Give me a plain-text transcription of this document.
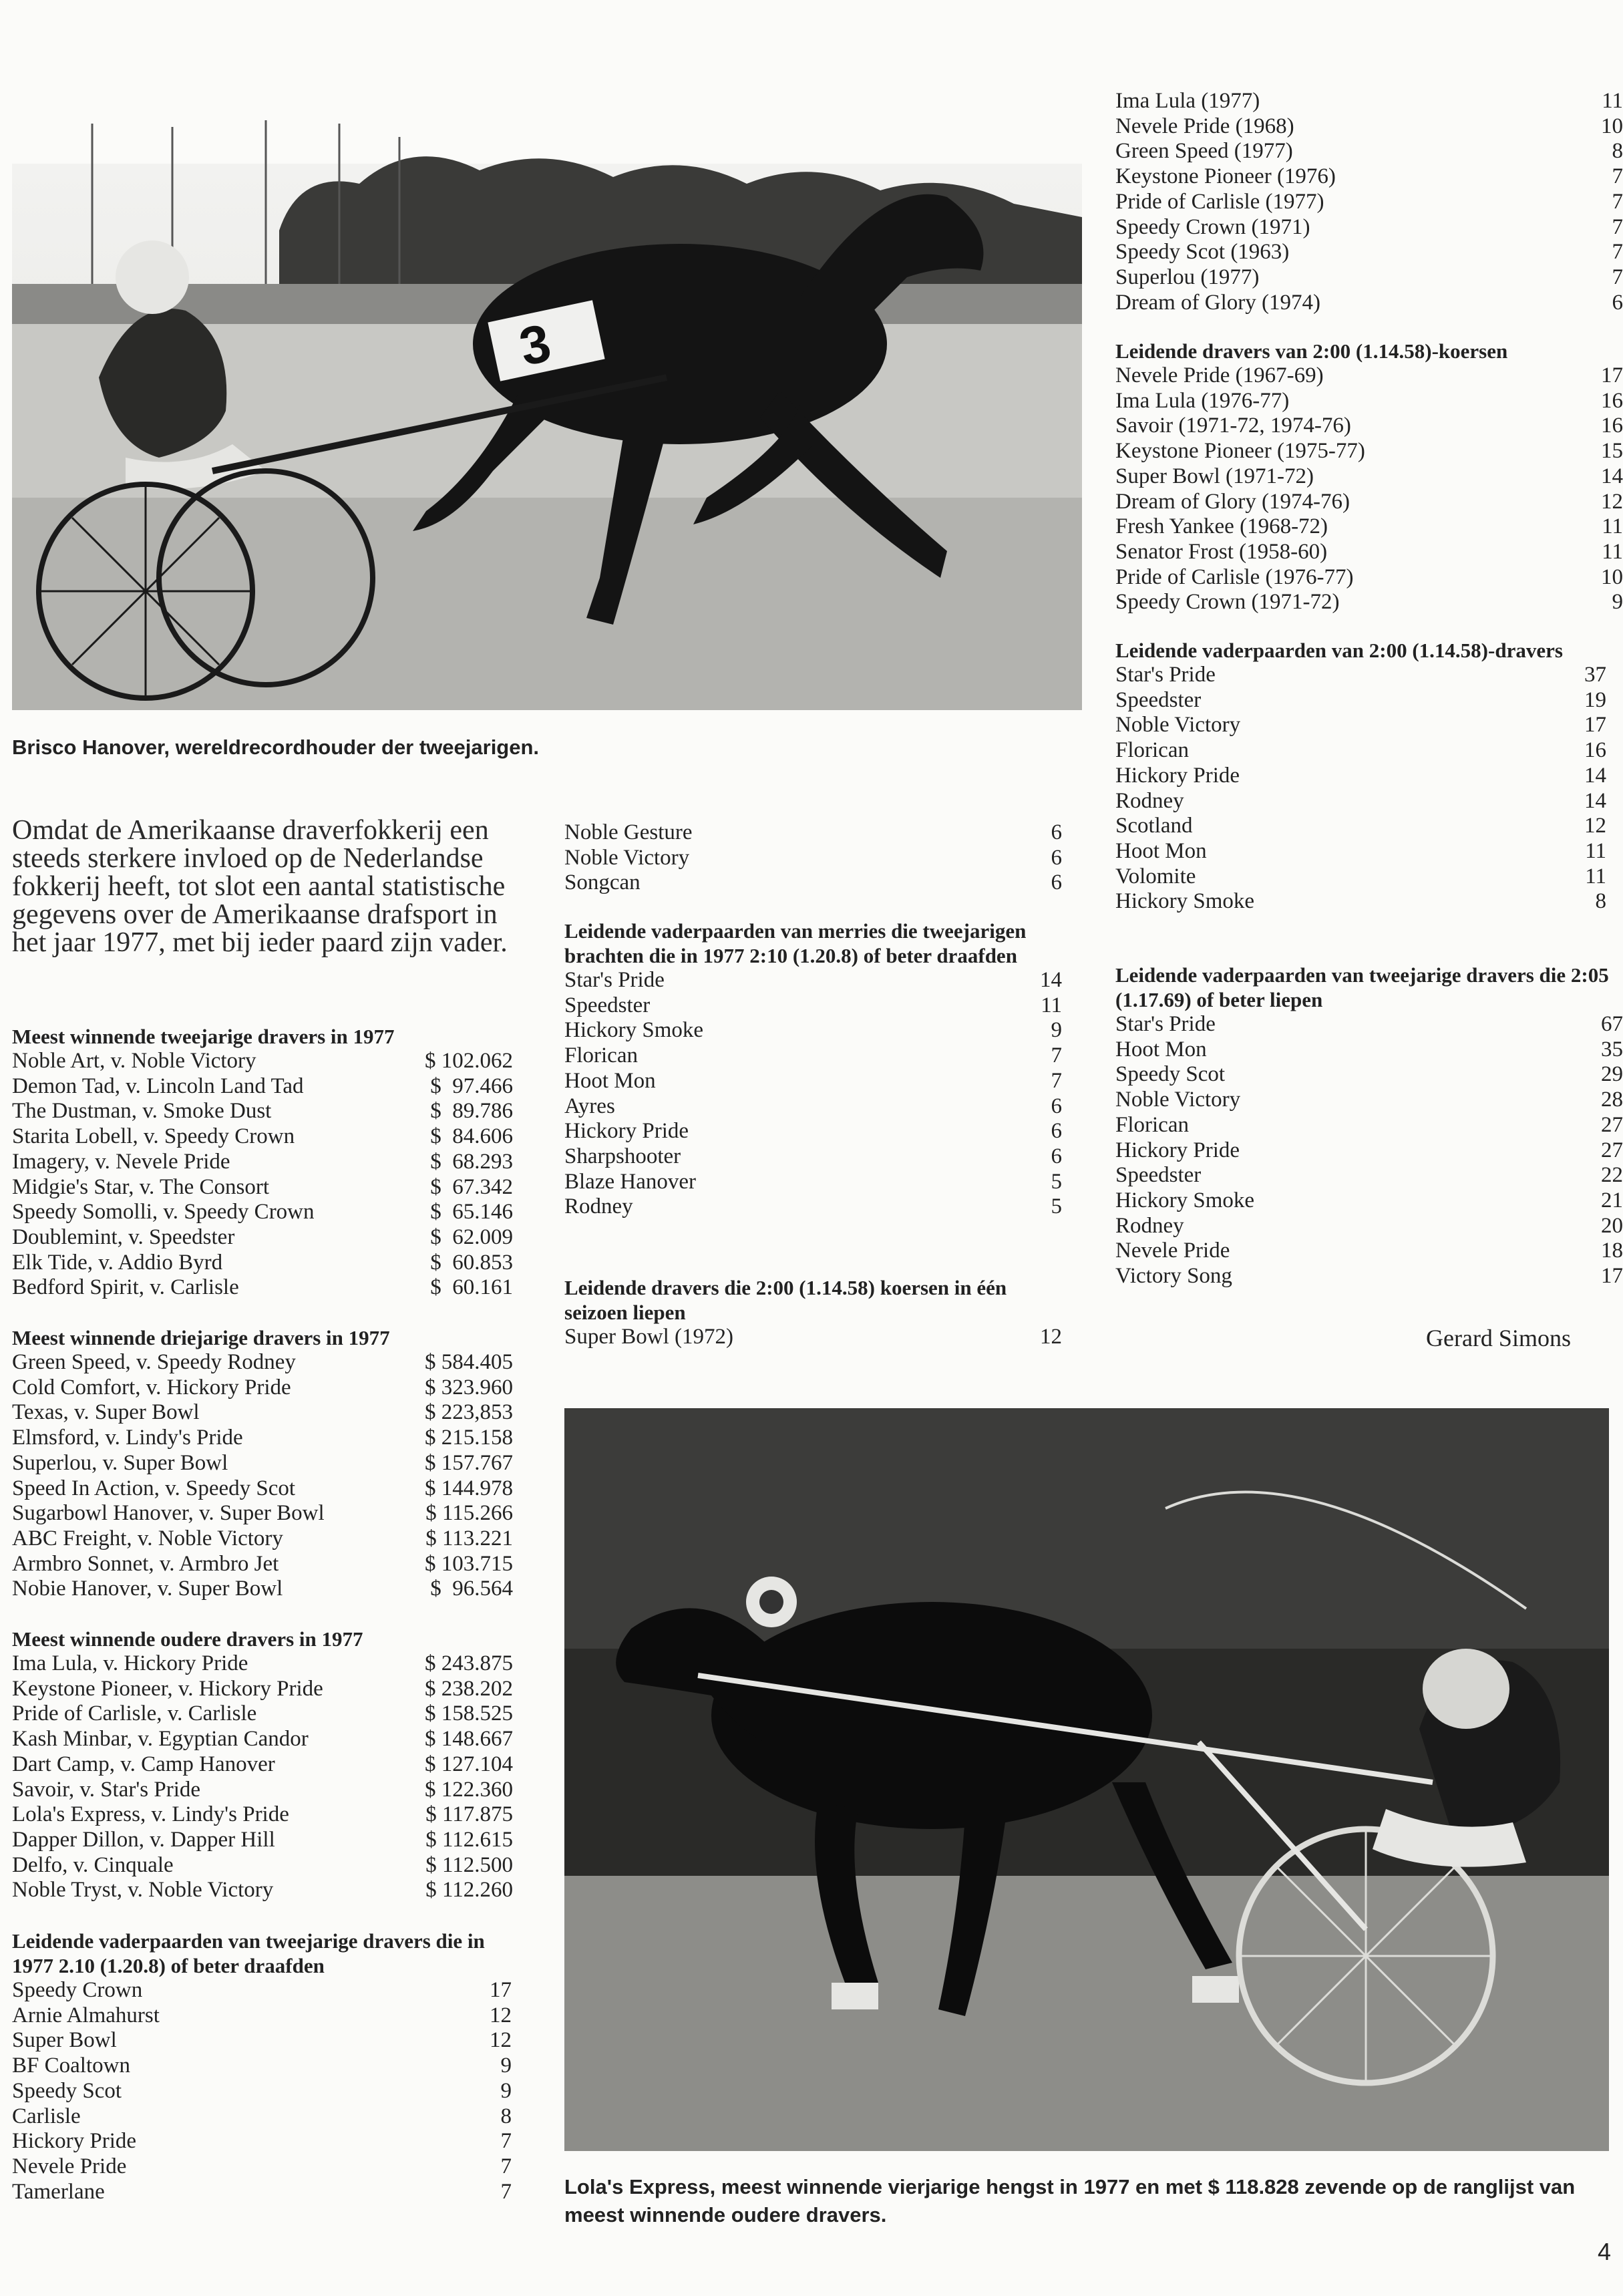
3
Brisco Hanover, wereldrecordhouder der tweejarigen.
Omdat de Amerikaanse draverfokkerij een steeds sterkere invloed op de Nederlandse fokkerij heeft, tot slot een aantal statistische gegevens over de Amerikaanse drafsport in het jaar 1977, met bij ieder paard zijn vader.
Meest winnende tweejarige dravers in 1977
Noble Art, v. Noble Victory	$ 102.062
Demon Tad, v. Lincoln Land Tad	$  97.466
The Dustman, v. Smoke Dust	$  89.786
Starita Lobell, v. Speedy Crown	$  84.606
Imagery, v. Nevele Pride	$  68.293
Midgie's Star, v. The Consort	$  67.342
Speedy Somolli, v. Speedy Crown	$  65.146
Doublemint, v. Speedster	$  62.009
Elk Tide, v. Addio Byrd	$  60.853
Bedford Spirit, v. Carlisle	$  60.161
Meest winnende driejarige dravers in 1977
Green Speed, v. Speedy Rodney	$ 584.405
Cold Comfort, v. Hickory Pride	$ 323.960
Texas, v. Super Bowl	$ 223,853
Elmsford, v. Lindy's Pride	$ 215.158
Superlou, v. Super Bowl	$ 157.767
Speed In Action, v. Speedy Scot	$ 144.978
Sugarbowl Hanover, v. Super Bowl	$ 115.266
ABC Freight, v. Noble Victory	$ 113.221
Armbro Sonnet, v. Armbro Jet	$ 103.715
Nobie Hanover, v. Super Bowl	$  96.564
Meest winnende oudere dravers in 1977
Ima Lula, v. Hickory Pride	$ 243.875
Keystone Pioneer, v. Hickory Pride	$ 238.202
Pride of Carlisle, v. Carlisle	$ 158.525
Kash Minbar, v. Egyptian Candor	$ 148.667
Dart Camp, v. Camp Hanover	$ 127.104
Savoir, v. Star's Pride	$ 122.360
Lola's Express, v. Lindy's Pride	$ 117.875
Dapper Dillon, v. Dapper Hill	$ 112.615
Delfo, v. Cinquale	$ 112.500
Noble Tryst, v. Noble Victory	$ 112.260
Leidende vaderpaarden van tweejarige dravers die in 1977 2.10 (1.20.8) of beter draafden
Speedy Crown	17
Arnie Almahurst	12
Super Bowl	12
BF Coaltown	9
Speedy Scot	9
Carlisle	8
Hickory Pride	7
Nevele Pride	7
Tamerlane	7
Noble Gesture	6
Noble Victory	6
Songcan	6
Leidende vaderpaarden van merries die tweejarigen brachten die in 1977 2:10 (1.20.8) of beter draafden
Star's Pride	14
Speedster	11
Hickory Smoke	9
Florican	7
Hoot Mon	7
Ayres	6
Hickory Pride	6
Sharpshooter	6
Blaze Hanover	5
Rodney	5
Leidende dravers die 2:00 (1.14.58) koersen in één seizoen liepen
Super Bowl (1972)	12
Ima Lula (1977)	11
Nevele Pride (1968)	10
Green Speed (1977)	8
Keystone Pioneer (1976)	7
Pride of Carlisle (1977)	7
Speedy Crown (1971)	7
Speedy Scot (1963)	7
Superlou (1977)	7
Dream of Glory (1974)	6
Leidende dravers van 2:00 (1.14.58)-koersen
Nevele Pride (1967-69)	17
Ima Lula (1976-77)	16
Savoir (1971-72, 1974-76)	16
Keystone Pioneer (1975-77)	15
Super Bowl (1971-72)	14
Dream of Glory (1974-76)	12
Fresh Yankee (1968-72)	11
Senator Frost (1958-60)	11
Pride of Carlisle (1976-77)	10
Speedy Crown (1971-72)	9
Leidende vaderpaarden van 2:00 (1.14.58)-dravers
Star's Pride	37
Speedster	19
Noble Victory	17
Florican	16
Hickory Pride	14
Rodney	14
Scotland	12
Hoot Mon	11
Volomite	11
Hickory Smoke	8
Leidende vaderpaarden van tweejarige dravers die 2:05 (1.17.69) of beter liepen
Star's Pride	67
Hoot Mon	35
Speedy Scot	29
Noble Victory	28
Florican	27
Hickory Pride	27
Speedster	22
Hickory Smoke	21
Rodney	20
Nevele Pride	18
Victory Song	17
Gerard Simons
Lola's Express, meest winnende vierjarige hengst in 1977 en met $ 118.828 zevende op de ranglijst van meest winnende oudere dravers.
4
